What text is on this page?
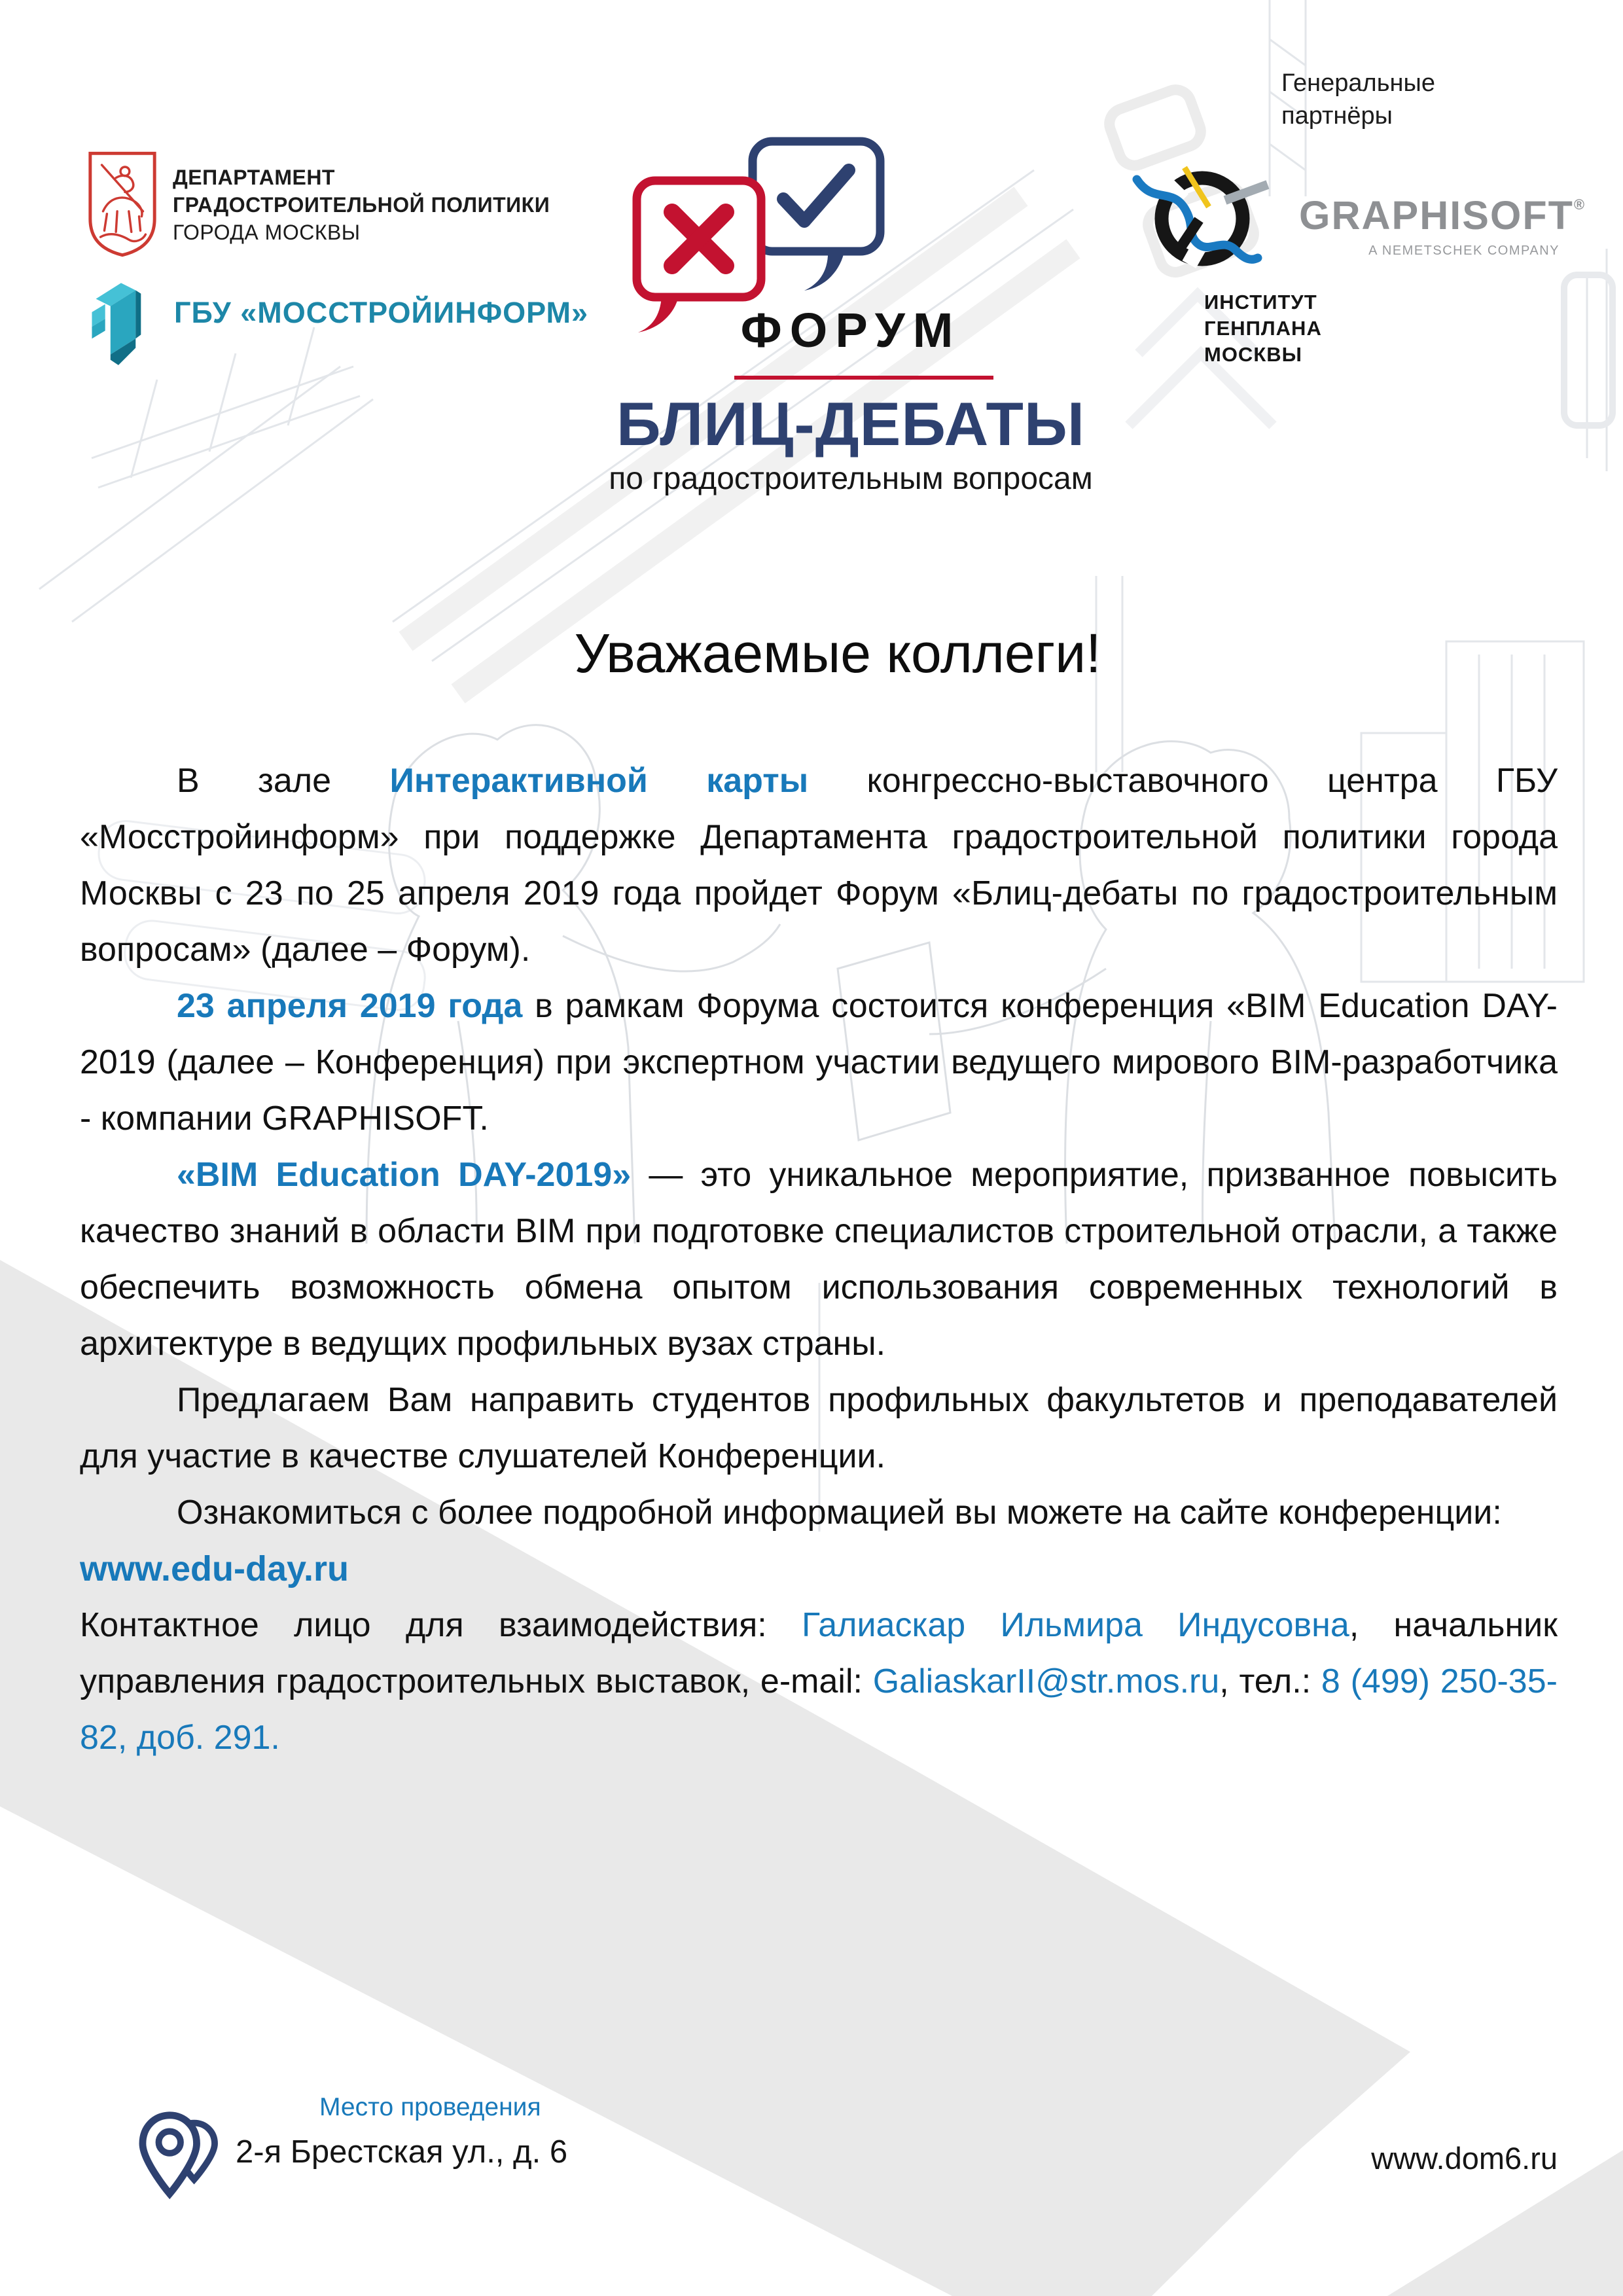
ДЕПАРТАМЕНТ
ГРАДОСТРОИТЕЛЬНОЙ ПОЛИТИКИ
ГОРОДА МОСКВЫ
ГБУ «МОССТРОЙИНФОРМ»	ФОРУМ
БЛИЦ-ДЕБАТЫ
по градостроительным вопросам
Генеральные
партнёры
ИНСТИТУТ
ГЕНПЛАНА
МОСКВЫ
GRAPHISOFT®
A NEMETSCHEK COMPANY
Уважаемые коллеги!

В зале Интерактивной карты конгрессно-выставочного центра ГБУ «Мосстройинформ» при поддержке Департамента градостроительной политики города Москвы с 23 по 25 апреля 2019 года пройдет Форум «Блиц-дебаты по градостроительным вопросам» (далее – Форум).

23 апреля 2019 года в рамкам Форума состоится конференция «BIM Education DAY-2019 (далее – Конференция) при экспертном участии ведущего мирового BIM-разработчика - компании GRAPHISOFT.

«BIM Education DAY-2019» — это уникальное мероприятие, призванное повысить качество знаний в области BIM при подготовке специалистов строительной отрасли, а также обеспечить возможность обмена опытом использования современных технологий в архитектуре в ведущих профильных вузах страны.

Предлагаем Вам направить студентов профильных факультетов и преподавателей для участие в качестве слушателей Конференции.

Ознакомиться с более подробной информацией вы можете на сайте конференции:

www.edu-day.ru

Контактное лицо для взаимодействия: Галиаскар Ильмира Индусовна, начальник управления градостроительных выставок, e-mail: GaliaskarII@str.mos.ru, тел.: 8 (499) 250-35-82, доб. 291.

Место проведения
2-я Брестская ул., д. 6	www.dom6.ru
